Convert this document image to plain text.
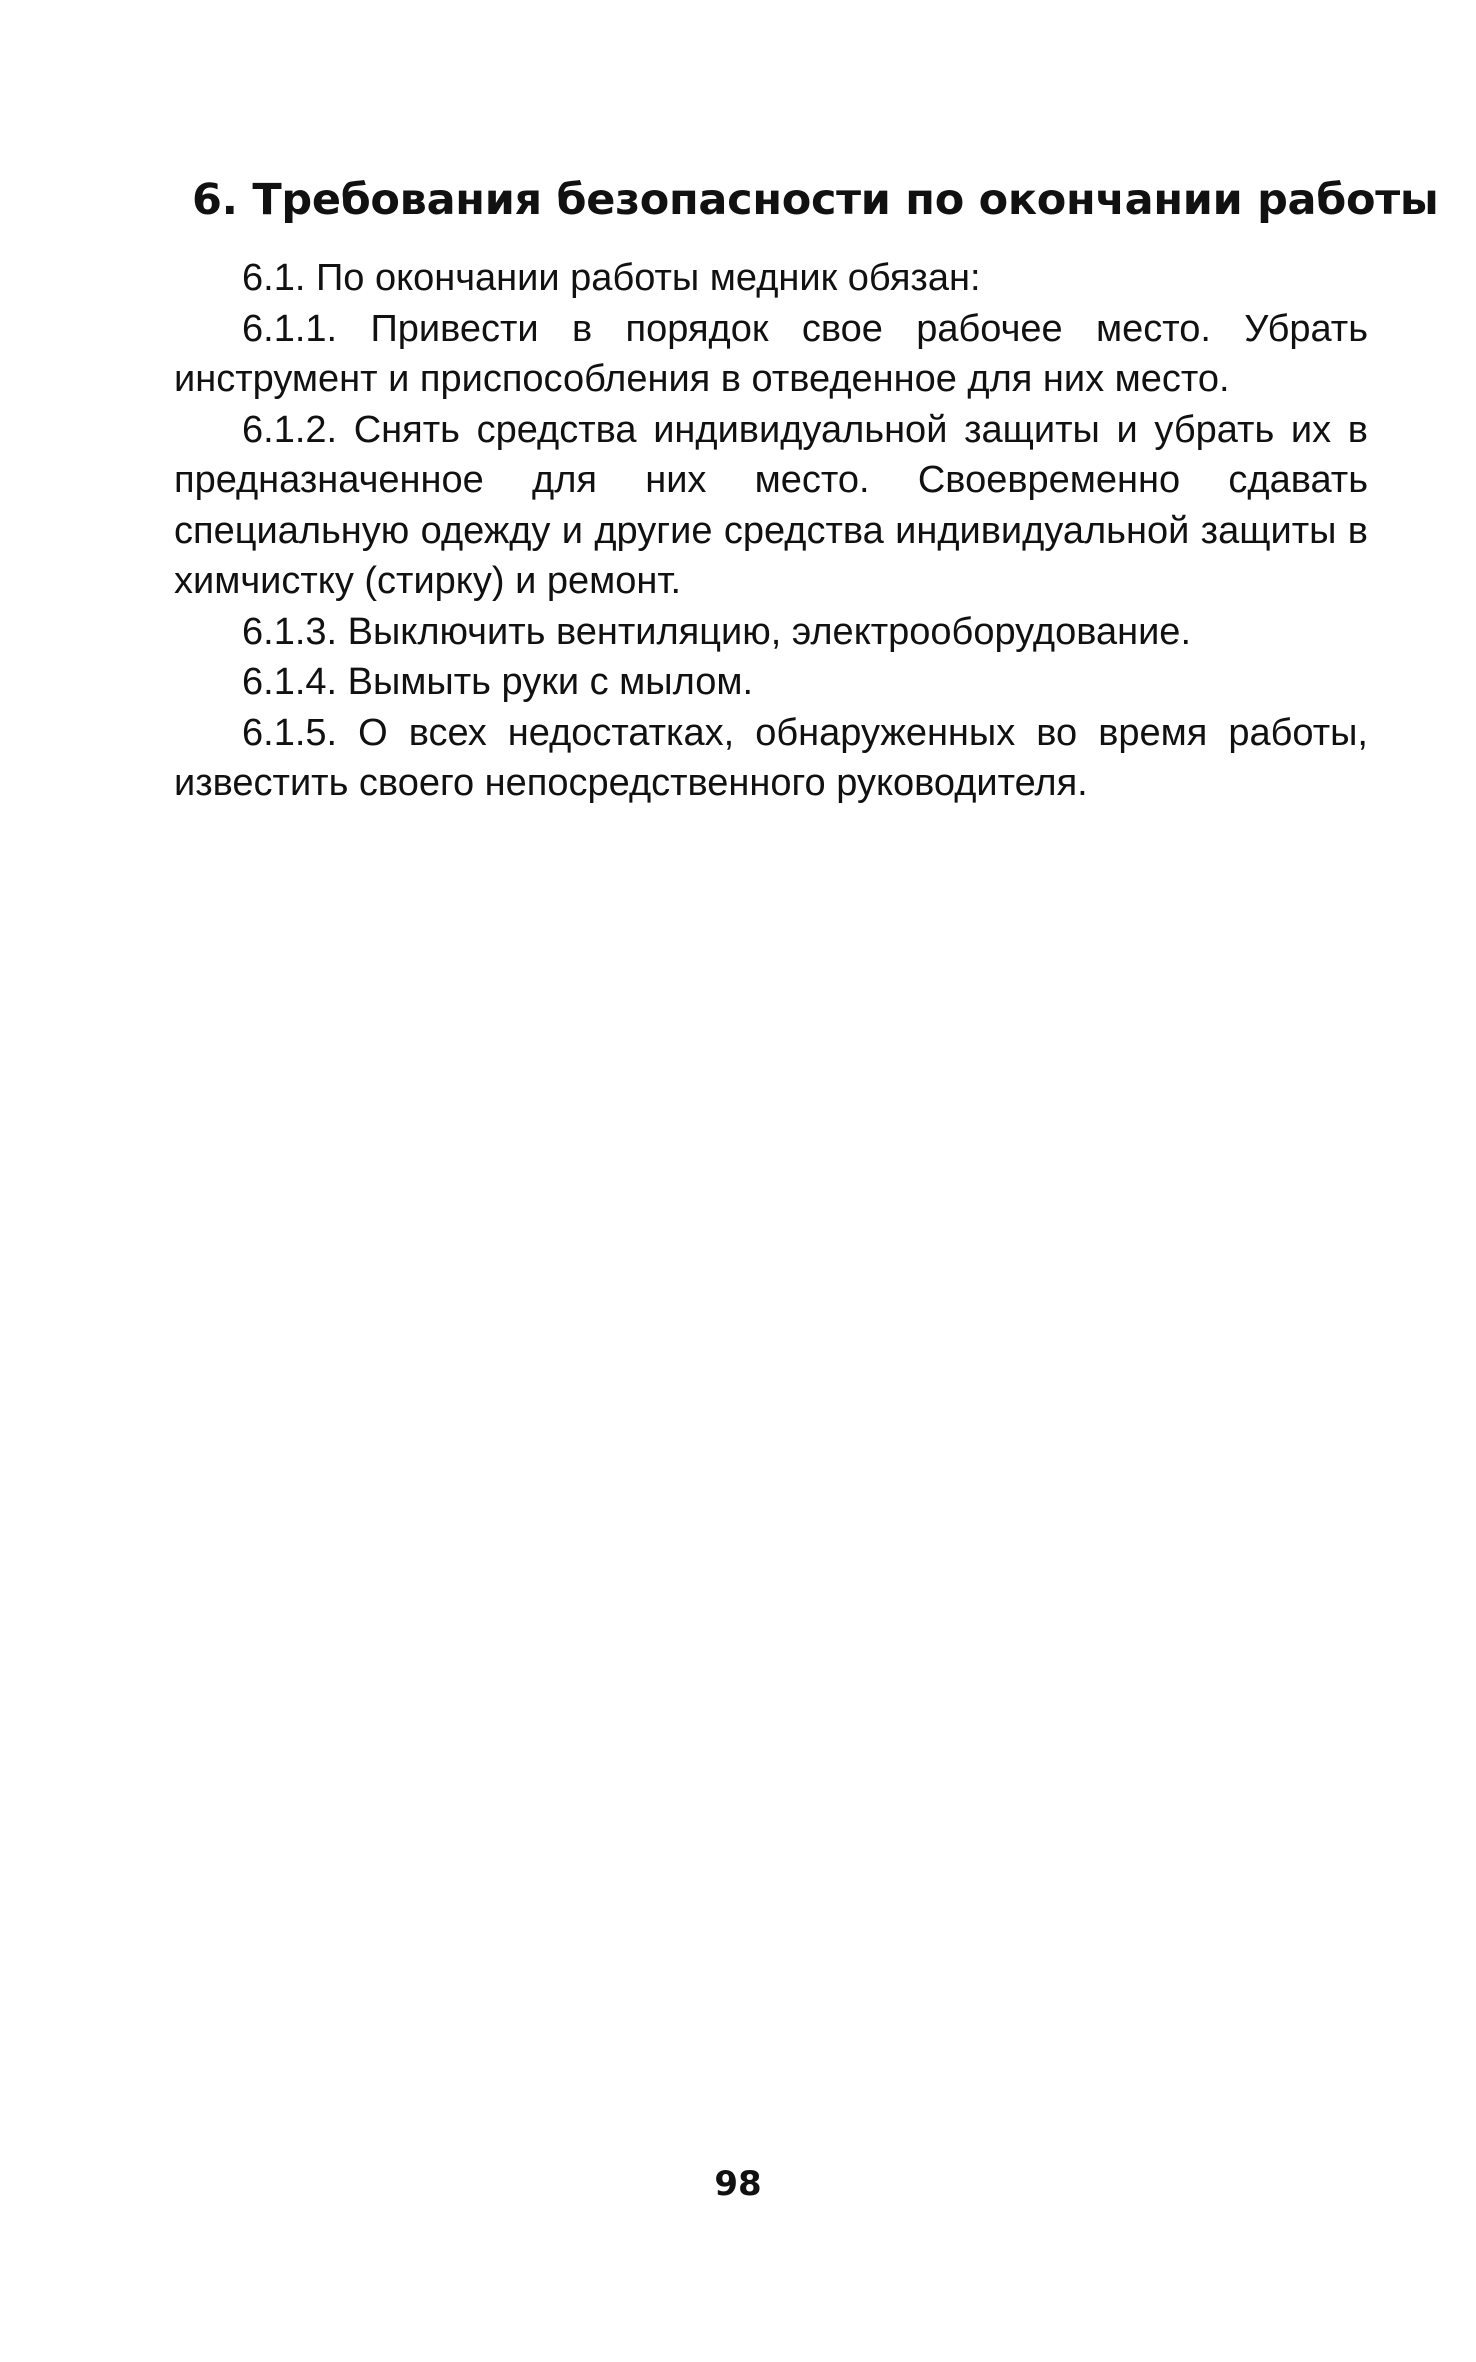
6. Требования безопасности по окончании работы

6.1. По окончании работы медник обязан:

6.1.1. Привести в порядок свое рабочее место. Убрать инструмент и приспособления в отведенное для них место.

6.1.2. Снять средства индивидуальной защиты и убрать их в предназначенное для них место. Своевременно сдавать специальную одежду и другие средства индивидуальной защиты в химчистку (стирку) и ремонт.

6.1.3. Выключить вентиляцию, электрооборудование.

6.1.4. Вымыть руки с мылом.

6.1.5. О всех недостатках, обнаруженных во время работы, известить своего непосредственного руководителя.

98
